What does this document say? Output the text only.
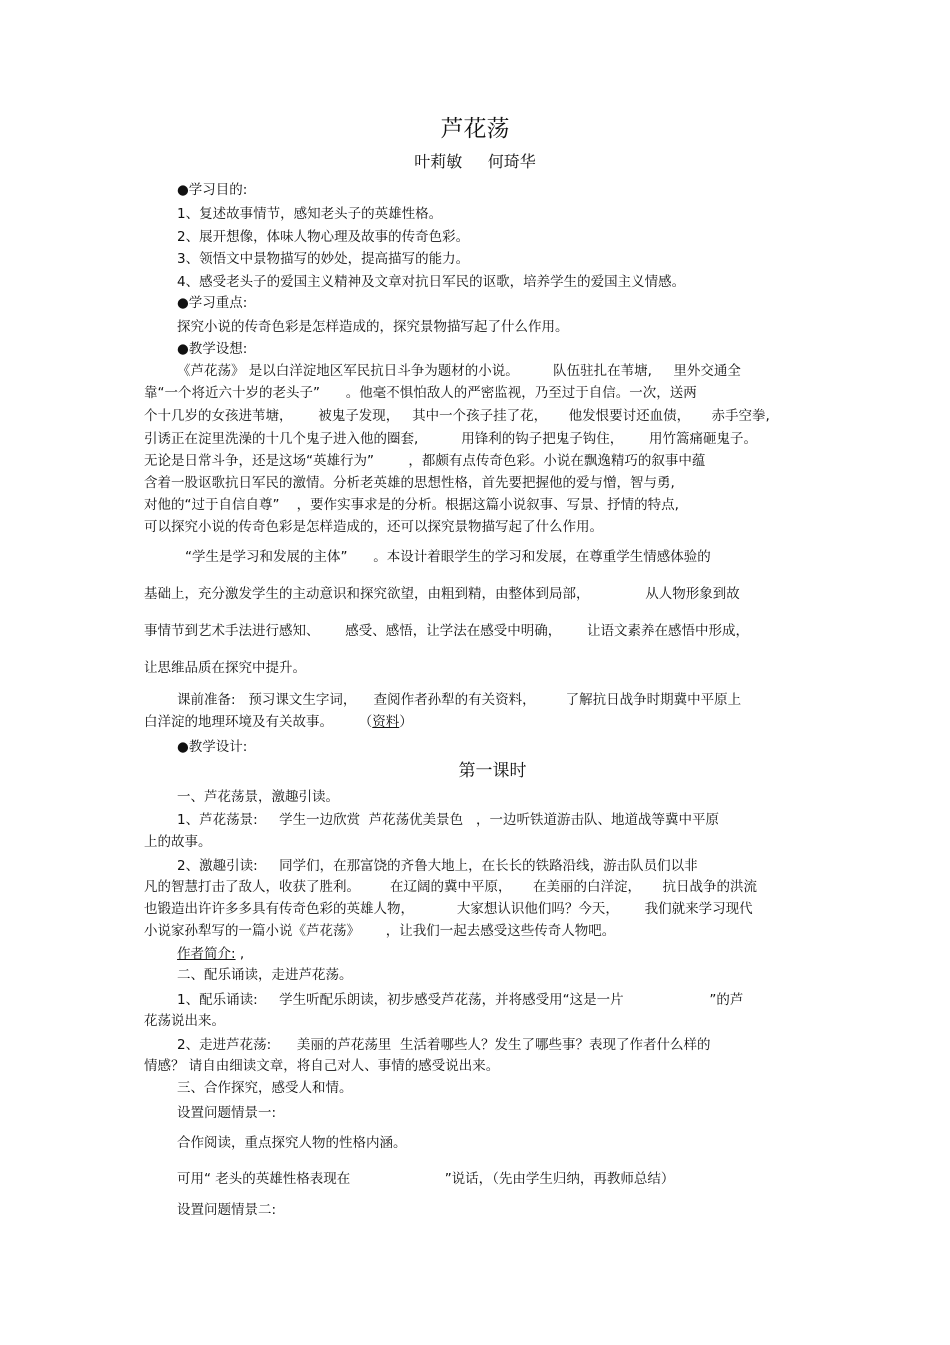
芦花荡
叶莉敏     何琦华
●学习目的:
1、复述故事情节，感知老头子的英雄性格。
2、展开想像，体味人物心理及故事的传奇色彩。
3、领悟文中景物描写的妙处，提高描写的能力。
4、感受老头子的爱国主义精神及文章对抗日军民的讴歌，培养学生的爱国主义情感。
●学习重点:
探究小说的传奇色彩是怎样造成的，探究景物描写起了什么作用。
●教学设想:
《芦花荡》 是以白洋淀地区军民抗日斗争为题材的小说。        队伍驻扎在苇塘,     里外交通全
靠“一个将近六十岁的老头子”      。他毫不惧怕敌人的严密监视，乃至过于自信。一次，送两
个十几岁的女孩进苇塘，      被鬼子发现，   其中一个孩子挂了花，     他发恨要讨还血债，     赤手空拳,
引诱正在淀里洗澡的十几个鬼子进入他的圈套,          用锋利的钩子把鬼子钩住，      用竹篙痛砸鬼子。
无论是日常斗争，还是这场“英雄行为”        ，都颇有点传奇色彩。小说在飘逸精巧的叙事中蕴
含着一股讴歌抗日军民的激情。分析老英雄的思想性格，首先要把握他的爱与憎，智与勇,
对他的“过于自信自尊”    ，要作实事求是的分析。根据这篇小说叙事、写景、抒情的特点,
可以探究小说的传奇色彩是怎样造成的，还可以探究景物描写起了什么作用。
“学生是学习和发展的主体”      。本设计着眼学生的学习和发展，在尊重学生情感体验的
基础上，充分激发学生的主动意识和探究欲望，由粗到精，由整体到局部，             从人物形象到故
事情节到艺术手法进行感知、      感受、感悟，让学法在感受中明确，      让语文素养在感悟中形成，
让思维品质在探究中提升。
课前准备:   预习课文生字词，    查阅作者孙犁的有关资料，       了解抗日战争时期冀中平原上
白洋淀的地理环境及有关故事。      （资料）
●教学设计:
第一课时
一、芦花荡景，激趣引读。
1、芦花荡景:     学生一边欣赏  芦花荡优美景色   ，一边听铁道游击队、地道战等冀中平原
上的故事。
2、激趣引读:     同学们，在那富饶的齐鲁大地上，在长长的铁路沿线，游击队员们以非
凡的智慧打击了敌人，收获了胜利。       在辽阔的冀中平原，     在美丽的白洋淀，     抗日战争的洪流
也锻造出许许多多具有传奇色彩的英雄人物，          大家想认识他们吗？今天，      我们就来学习现代
小说家孙犁写的一篇小说《芦花荡》      ，让我们一起去感受这些传奇人物吧。
作者简介: ,
二、配乐诵读，走进芦花荡。
1、配乐诵读:     学生听配乐朗读，初步感受芦花荡，并将感受用“这是一片                    ”的芦
花荡说出来。
2、走进芦花荡:      美丽的芦花荡里  生活着哪些人？发生了哪些事？表现了作者什么样的
情感？ 请自由细读文章，将自己对人、事情的感受说出来。
三、合作探究，感受人和情。
设置问题情景一:
合作阅读，重点探究人物的性格内涵。
可用“ 老头的英雄性格表现在                      ”说话，（先由学生归纳，再教师总结）
设置问题情景二:
